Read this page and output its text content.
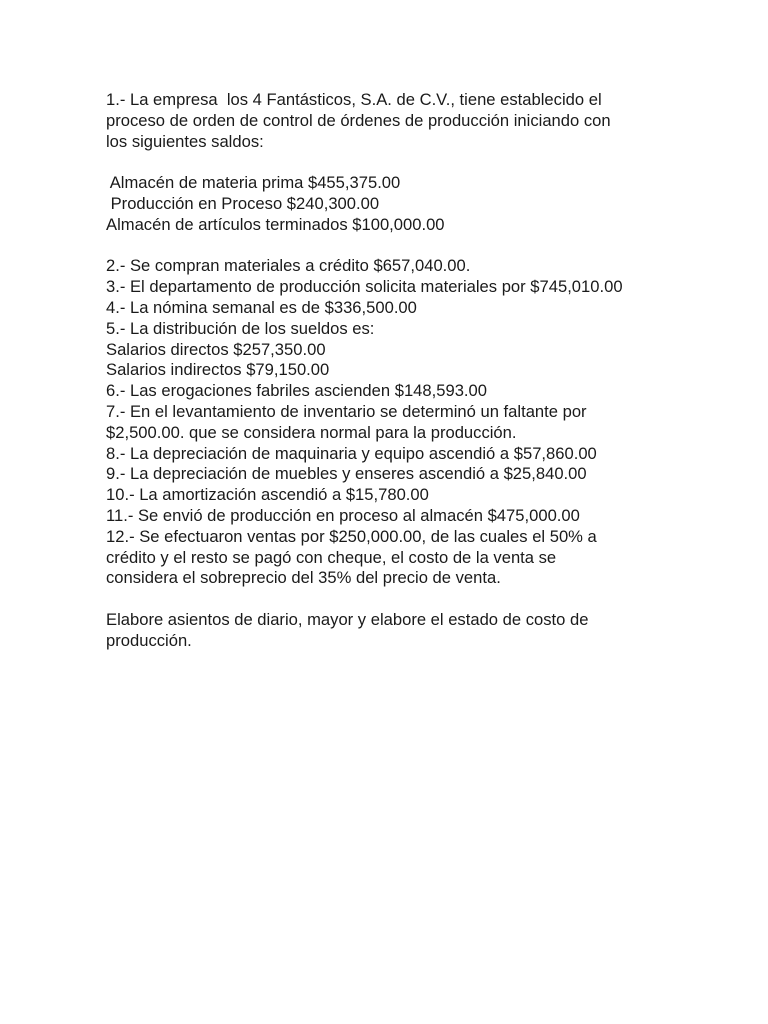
1.- La empresa  los 4 Fantásticos, S.A. de C.V., tiene establecido el
proceso de orden de control de órdenes de producción iniciando con
los siguientes saldos:
Almacén de materia prima $455,375.00
Producción en Proceso $240,300.00
Almacén de artículos terminados $100,000.00
2.- Se compran materiales a crédito $657,040.00.
3.- El departamento de producción solicita materiales por $745,010.00
4.- La nómina semanal es de $336,500.00
5.- La distribución de los sueldos es:
Salarios directos $257,350.00
Salarios indirectos $79,150.00
6.- Las erogaciones fabriles ascienden $148,593.00
7.- En el levantamiento de inventario se determinó un faltante por
$2,500.00. que se considera normal para la producción.
8.- La depreciación de maquinaria y equipo ascendió a $57,860.00
9.- La depreciación de muebles y enseres ascendió a $25,840.00
10.- La amortización ascendió a $15,780.00
11.- Se envió de producción en proceso al almacén $475,000.00
12.- Se efectuaron ventas por $250,000.00, de las cuales el 50% a
crédito y el resto se pagó con cheque, el costo de la venta se
considera el sobreprecio del 35% del precio de venta.
Elabore asientos de diario, mayor y elabore el estado de costo de
producción.
